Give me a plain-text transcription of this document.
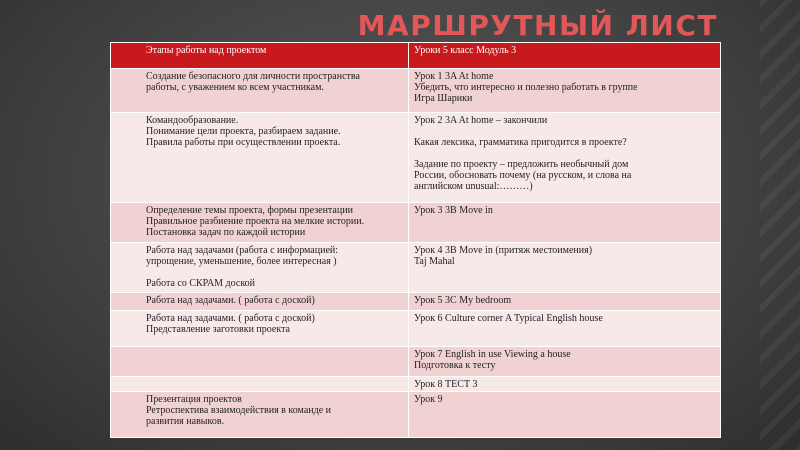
МАРШРУТНЫЙ ЛИСТ
Этапы работы над проектом	Уроки 5 класс Модуль 3

Создание безопасного для личности пространства
работы, с уважением ко всем участникам.	Урок 1 3A At home
Убедить, что интересно и полезно работать в группе
Игра Шарики

Командообразование.
Понимание цели проекта, разбираем задание.
Правила работы при осуществлении проекта.	Урок 2 3A At home – закончили
Какая лексика, грамматика пригодится в проекте?
Задание по проекту – предложить необычный дом
России, обосновать почему (на русском, и слова на
английском unusual:………)

Определение темы проекта, формы презентации
Правильное разбиение проекта на мелкие истории.
Постановка задач по каждой истории	Урок 3 3B Move in

Работа над задачами (работа с информацией:
упрощение, уменьшение, более интересная )
Работа со СКРАМ доской	Урок 4 3B Move in (притяж местоимения)
Taj Mahal

Работа над задачами. ( работа с доской)	Урок 5 3C My bedroom

Работа над задачами. ( работа с доской)
Представление заготовки проекта	Урок 6 Culture corner A Typical English house

	Урок 7 English in use Viewing a house
Подготовка к тесту

	Урок 8 ТЕСТ 3

Презентация проектов
Ретроспектива взаимодействия в команде и
развития навыков.	Урок 9
